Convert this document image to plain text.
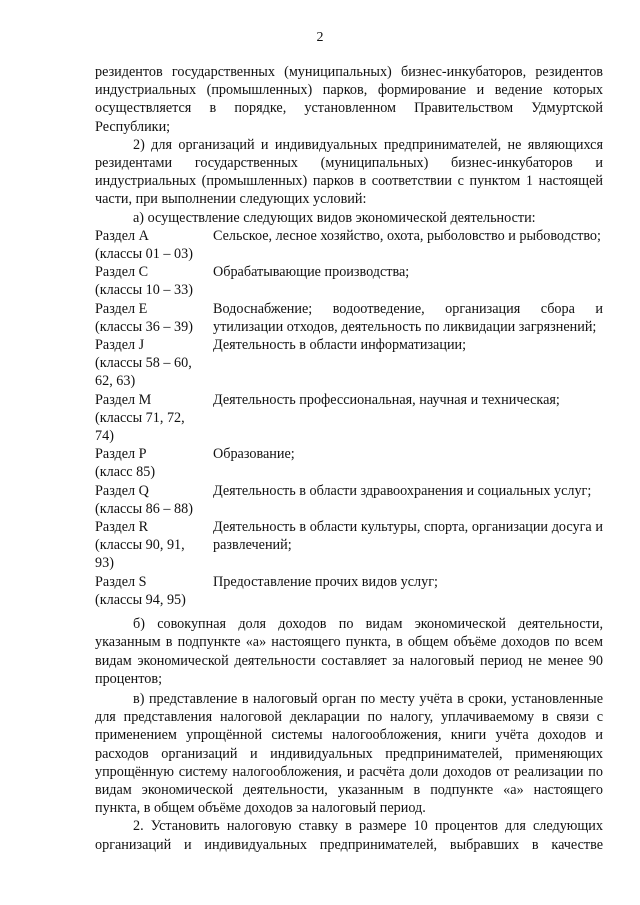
2

резидентов государственных (муниципальных) бизнес-инкубаторов, резидентов индустриальных (промышленных) парков, формирование и ведение которых осуществляется в порядке, установленном Правительством Удмуртской Республики;

2) для организаций и индивидуальных предпринимателей, не являющихся резидентами государственных (муниципальных) бизнес-инкубаторов и индустриальных (промышленных) парков в соответствии с пунктом 1 настоящей части, при выполнении следующих условий:

а) осуществление следующих видов экономической деятельности:

Раздел A
(классы 01 – 03)
Сельское, лесное хозяйство, охота, рыболовство и рыбоводство;
Раздел C
(классы 10 – 33)
Обрабатывающие производства;
Раздел E
(классы 36 – 39)
Водоснабжение; водоотведение, организация сбора и утилизации отходов, деятельность по ликвидации загрязнений;
Раздел J
(классы 58 – 60,
62, 63)
Деятельность в области информатизации;
Раздел M
(классы 71, 72,
74)
Деятельность профессиональная, научная и техническая;
Раздел P
(класс 85)
Образование;
Раздел Q
(классы 86 – 88)
Деятельность в области здравоохранения и социальных услуг;
Раздел R
(классы 90, 91,
93)
Деятельность в области культуры, спорта, организации досуга и развлечений;
Раздел S
(классы 94, 95)
Предоставление прочих видов услуг;

б) совокупная доля доходов по видам экономической деятельности, указанным в подпункте «а» настоящего пункта, в общем объёме доходов по всем видам экономической деятельности составляет за налоговый период не менее 90 процентов;

в) представление в налоговый орган по месту учёта в сроки, установленные для представления налоговой декларации по налогу, уплачиваемому в связи с применением упрощённой системы налогообложения, книги учёта доходов и расходов организаций и индивидуальных предпринимателей, применяющих упрощённую систему налогообложения, и расчёта доли доходов от реализации по видам экономической деятельности, указанным в подпункте «а» настоящего пункта, в общем объёме доходов за налоговый период.

2. Установить налоговую ставку в размере 10 процентов для следующих организаций и индивидуальных предпринимателей, выбравших в качестве
